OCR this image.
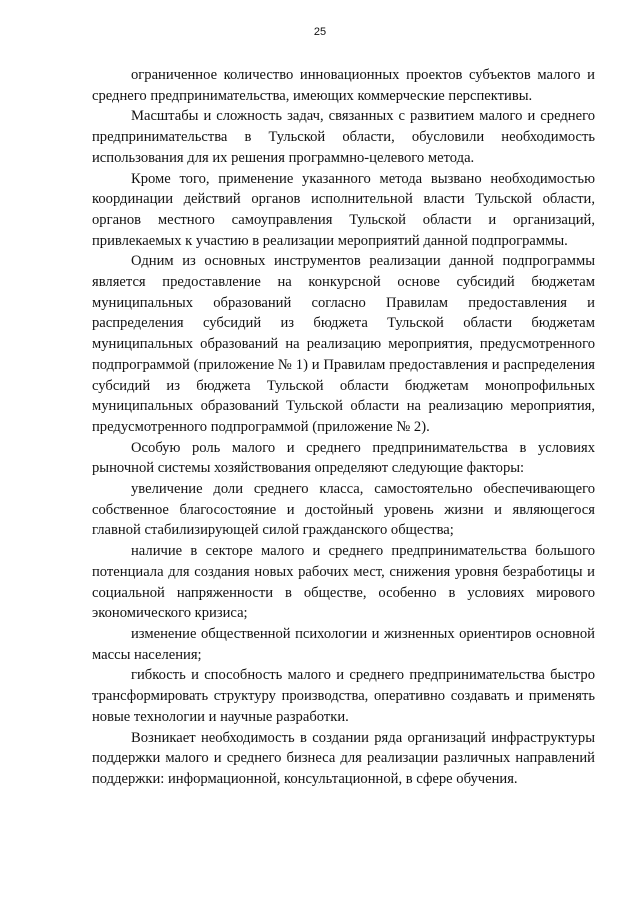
25

ограниченное количество инновационных проектов субъектов малого и среднего предпринимательства, имеющих коммерческие перспективы.

Масштабы и сложность задач, связанных с развитием малого и среднего предпринимательства в Тульской области, обусловили необходимость использования для их решения программно-целевого метода.

Кроме того, применение указанного метода вызвано необходимостью координации действий органов исполнительной власти Тульской области, органов местного самоуправления Тульской области и организаций, привлекаемых к участию в реализации мероприятий данной подпрограммы.

Одним из основных инструментов реализации данной подпрограммы является предоставление на конкурсной основе субсидий бюджетам муниципальных образований согласно Правилам предоставления и распределения субсидий из бюджета Тульской области бюджетам муниципальных образований на реализацию мероприятия, предусмотренного подпрограммой (приложение № 1) и Правилам предоставления и распределения субсидий из бюджета Тульской области бюджетам монопрофильных муниципальных образований Тульской области на реализацию мероприятия, предусмотренного подпрограммой (приложение № 2).

Особую роль малого и среднего предпринимательства в условиях рыночной системы хозяйствования определяют следующие факторы:

увеличение доли среднего класса, самостоятельно обеспечивающего собственное благосостояние и достойный уровень жизни и являющегося главной стабилизирующей силой гражданского общества;

наличие в секторе малого и среднего предпринимательства большого потенциала для создания новых рабочих мест, снижения уровня безработицы и социальной напряженности в обществе, особенно в условиях мирового экономического кризиса;

изменение общественной психологии и жизненных ориентиров основной массы населения;

гибкость и способность малого и среднего предпринимательства быстро трансформировать структуру производства, оперативно создавать и применять новые технологии и научные разработки.

Возникает необходимость в создании ряда организаций инфраструктуры поддержки малого и среднего бизнеса для реализации различных направлений поддержки: информационной, консультационной, в сфере обучения.
